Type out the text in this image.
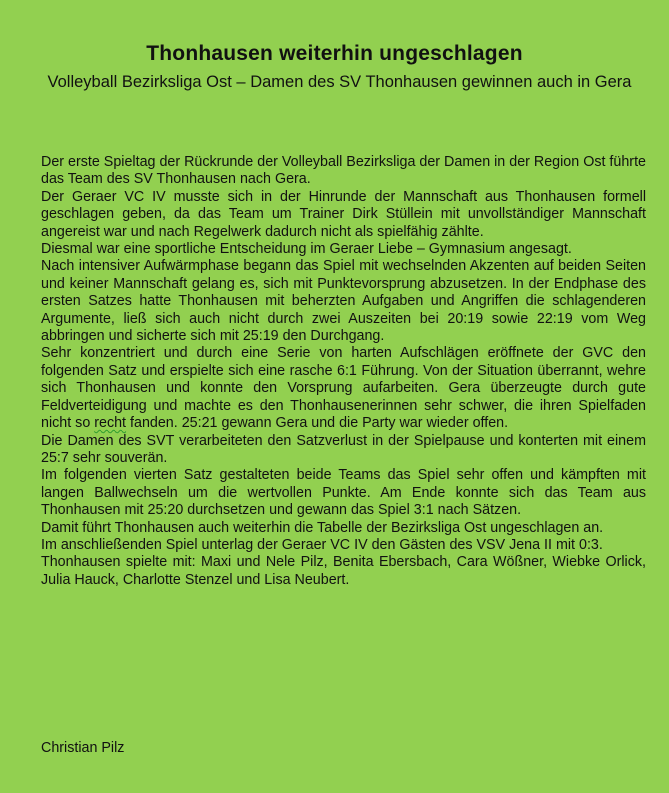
Thonhausen weiterhin ungeschlagen
Volleyball Bezirksliga Ost – Damen des SV Thonhausen gewinnen auch in Gera

Der erste Spieltag der Rückrunde der Volleyball Bezirksliga der Damen in der Region Ost führte das Team des SV Thonhausen nach Gera.

Der Geraer VC IV musste sich in der Hinrunde der Mannschaft aus Thonhausen formell geschlagen geben, da das Team um Trainer Dirk Stüllein mit unvollständiger Mannschaft angereist war und nach Regelwerk dadurch nicht als spielfähig zählte.

Diesmal war eine sportliche Entscheidung im Geraer Liebe – Gymnasium angesagt.

Nach intensiver Aufwärmphase begann das Spiel mit wechselnden Akzenten auf beiden Seiten und keiner Mannschaft gelang es, sich mit Punktevorsprung abzusetzen. In der Endphase des ersten Satzes hatte Thonhausen mit beherzten Aufgaben und Angriffen die schlagenderen Argumente, ließ sich auch nicht durch zwei Auszeiten bei 20:19 sowie 22:19 vom Weg abbringen und sicherte sich mit 25:19 den Durchgang.

Sehr konzentriert und durch eine Serie von harten Aufschlägen eröffnete der GVC den folgenden Satz und erspielte sich eine rasche 6:1 Führung. Von der Situation überrannt, wehre sich Thonhausen und konnte den Vorsprung aufarbeiten. Gera überzeugte durch gute Feldverteidigung und machte es den Thonhausenerinnen sehr schwer, die ihren Spielfaden nicht so recht fanden. 25:21 gewann Gera und die Party war wieder offen.

Die Damen des SVT verarbeiteten den Satzverlust in der Spielpause und konterten mit einem 25:7 sehr souverän.

Im folgenden vierten Satz gestalteten beide Teams das Spiel sehr offen und kämpften mit langen Ballwechseln um die wertvollen Punkte. Am Ende konnte sich das Team aus Thonhausen mit 25:20 durchsetzen und gewann das Spiel 3:1 nach Sätzen.

Damit führt Thonhausen auch weiterhin die Tabelle der Bezirksliga Ost ungeschlagen an.

Im anschließenden Spiel unterlag der Geraer VC IV den Gästen des VSV Jena II mit 0:3.

Thonhausen spielte mit: Maxi und Nele Pilz, Benita Ebersbach, Cara Wößner, Wiebke Orlick, Julia Hauck, Charlotte Stenzel und Lisa Neubert.

Christian Pilz
